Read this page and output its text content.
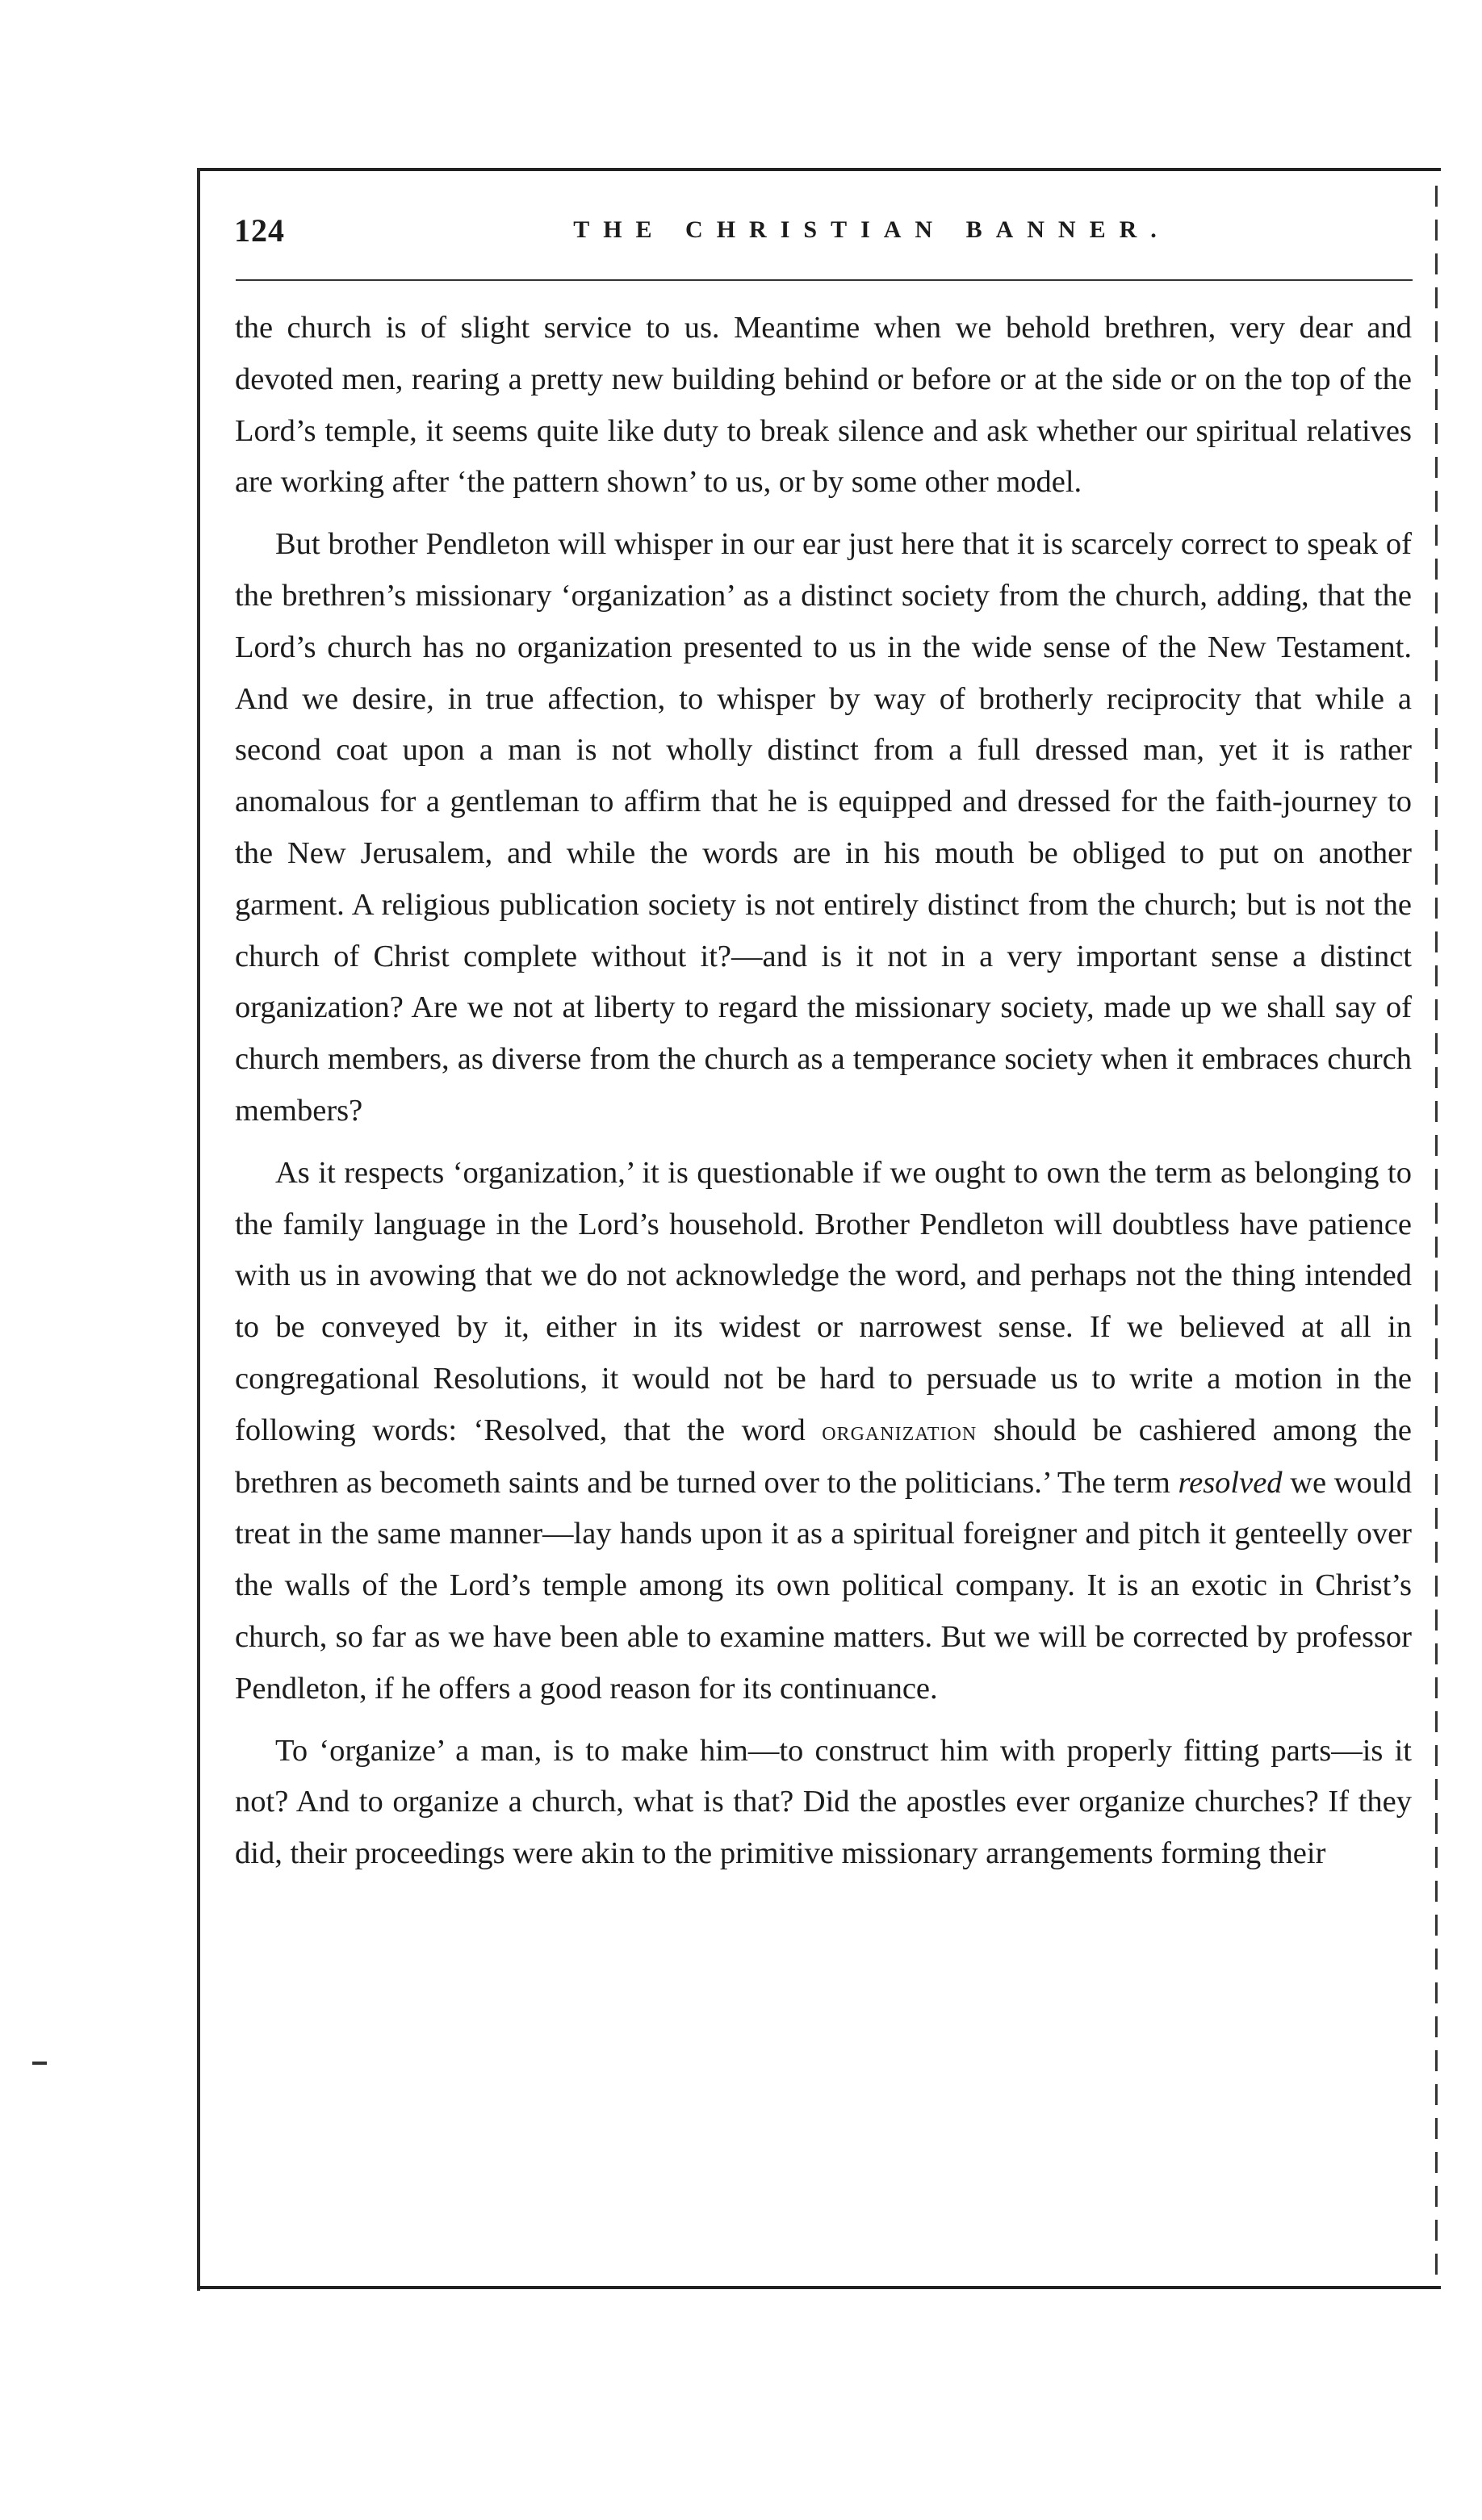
124	THE CHRISTIAN BANNER.

the church is of slight service to us. Meantime when we behold brethren, very dear and devoted men, rearing a pretty new building behind or before or at the side or on the top of the Lord’s temple, it seems quite like duty to break silence and ask whether our spiritual relatives are working after ‘the pattern shown’ to us, or by some other model.

But brother Pendleton will whisper in our ear just here that it is scarcely correct to speak of the brethren’s missionary ‘organization’ as a distinct society from the church, adding, that the Lord’s church has no organization presented to us in the wide sense of the New Testament. And we desire, in true affection, to whisper by way of brotherly reciprocity that while a second coat upon a man is not wholly distinct from a full dressed man, yet it is rather anomalous for a gentleman to affirm that he is equipped and dressed for the faith-journey to the New Jerusalem, and while the words are in his mouth be obliged to put on another garment. A religious publication society is not entirely distinct from the church; but is not the church of Christ complete without it?—and is it not in a very important sense a distinct organization? Are we not at liberty to regard the missionary society, made up we shall say of church members, as diverse from the church as a temperance society when it embraces church members?

As it respects ‘organization,’ it is questionable if we ought to own the term as belonging to the family language in the Lord’s household. Brother Pendleton will doubtless have patience with us in avowing that we do not acknowledge the word, and perhaps not the thing intended to be conveyed by it, either in its widest or narrowest sense. If we believed at all in congregational Resolutions, it would not be hard to persuade us to write a motion in the following words: ‘Resolved, that the word organization should be cashiered among the brethren as becometh saints and be turned over to the politicians.’ The term resolved we would treat in the same manner—lay hands upon it as a spiritual foreigner and pitch it genteelly over the walls of the Lord’s temple among its own political company. It is an exotic in Christ’s church, so far as we have been able to examine matters. But we will be corrected by professor Pendleton, if he offers a good reason for its continuance.

To ‘organize’ a man, is to make him—to construct him with properly fitting parts—is it not? And to organize a church, what is that? Did the apostles ever organize churches? If they did, their proceedings were akin to the primitive missionary arrangements forming their
